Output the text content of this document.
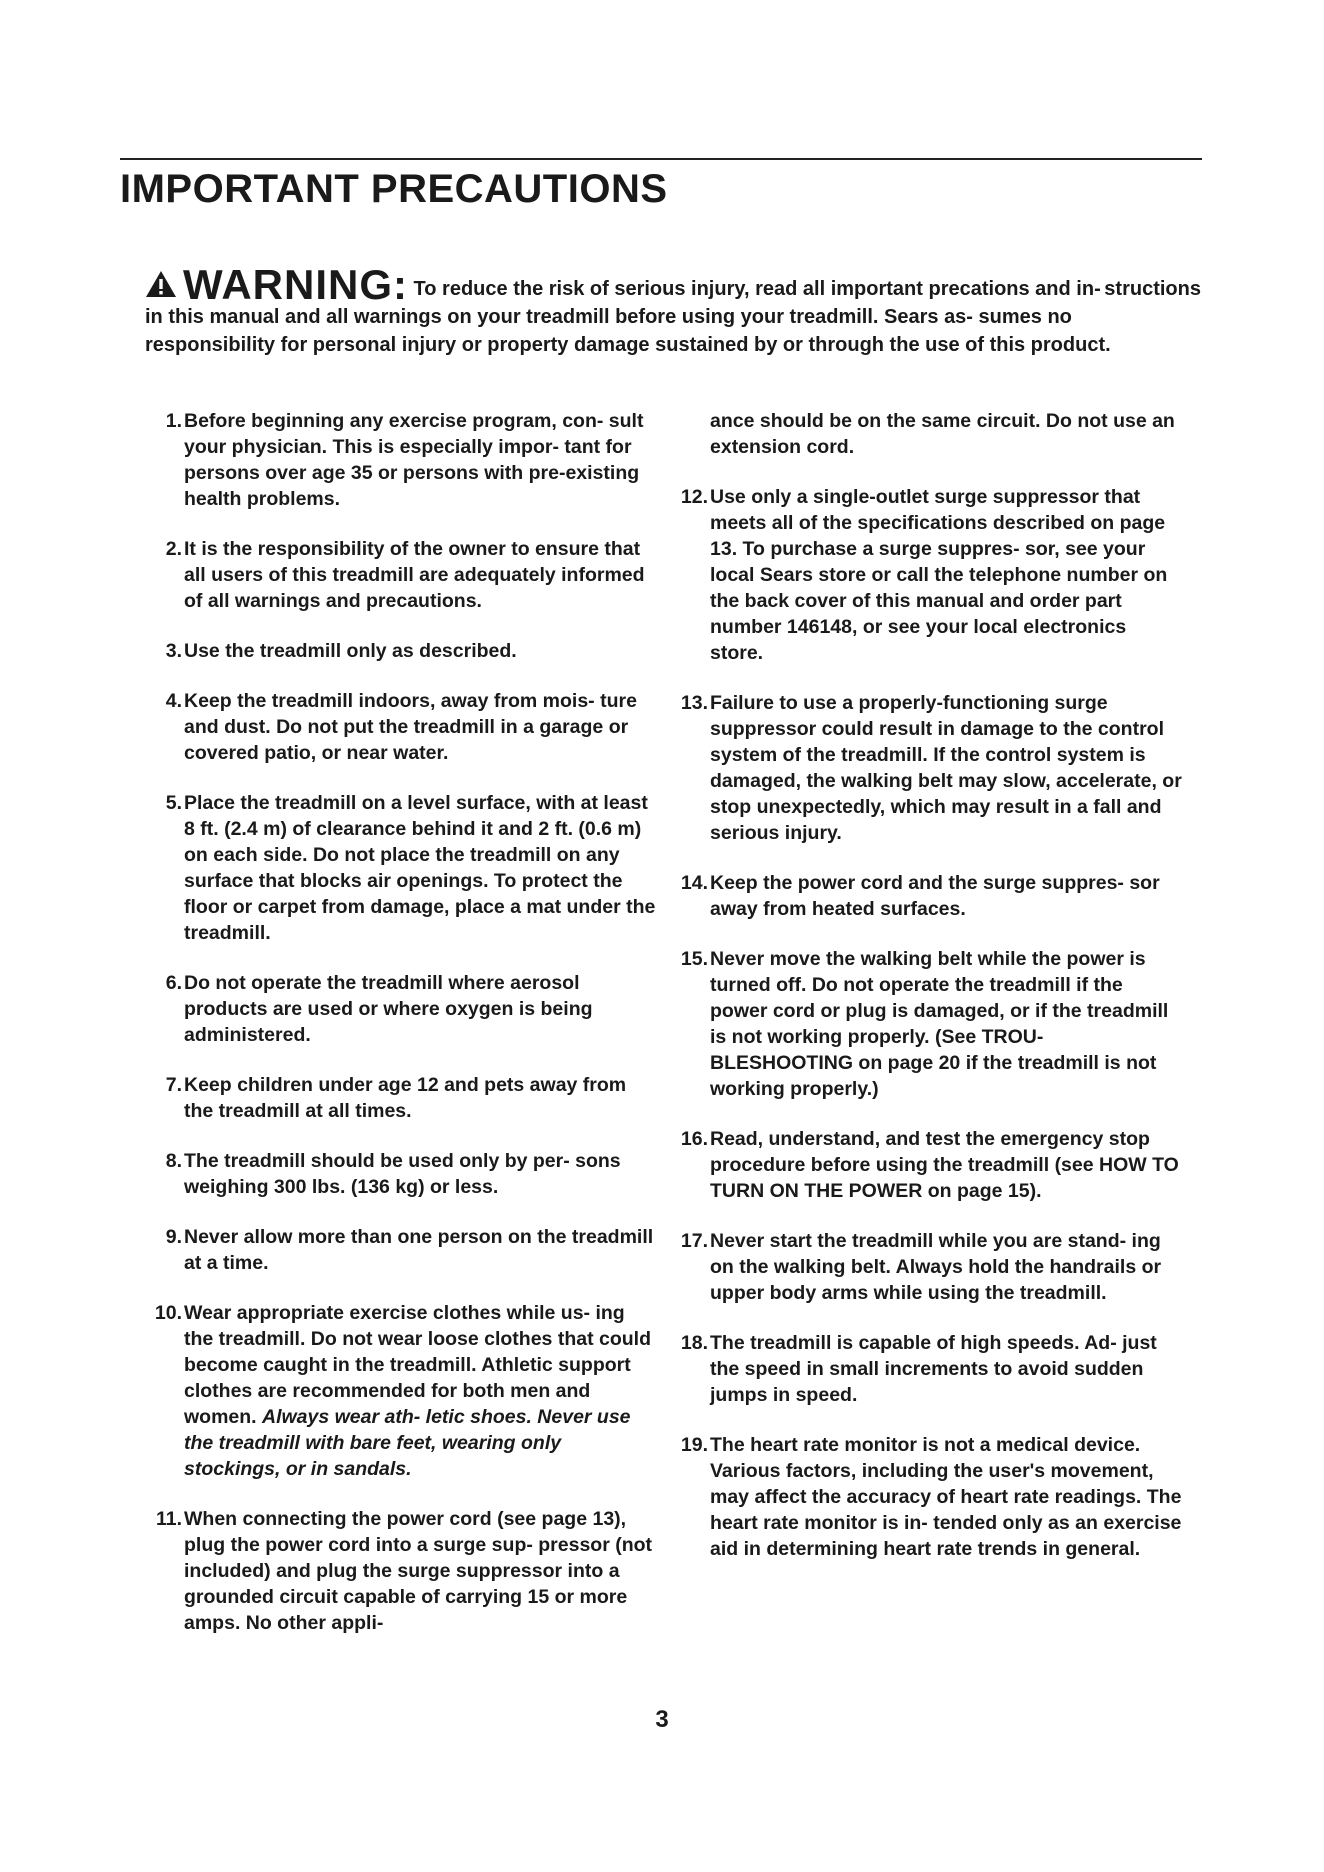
IMPORTANT PRECAUTIONS

WARNING: To reduce the risk of serious injury, read all important precations and in- structions in this manual and all warnings on your treadmill before using your treadmill. Sears as- sumes no responsibility for personal injury or property damage sustained by or through the use of this product.

1. Before beginning any exercise program, con- sult your physician. This is especially impor- tant for persons over age 35 or persons with pre-existing health problems.
2. It is the responsibility of the owner to ensure that all users of this treadmill are adequately informed of all warnings and precautions.
3. Use the treadmill only as described.
4. Keep the treadmill indoors, away from mois- ture and dust. Do not put the treadmill in a garage or covered patio, or near water.
5. Place the treadmill on a level surface, with at least 8 ft. (2.4 m) of clearance behind it and 2 ft. (0.6 m) on each side. Do not place the treadmill on any surface that blocks air openings. To protect the floor or carpet from damage, place a mat under the treadmill.
6. Do not operate the treadmill where aerosol products are used or where oxygen is being administered.
7. Keep children under age 12 and pets away from the treadmill at all times.
8. The treadmill should be used only by per- sons weighing 300 lbs. (136 kg) or less.
9. Never allow more than one person on the treadmill at a time.
10. Wear appropriate exercise clothes while us- ing the treadmill. Do not wear loose clothes that could become caught in the treadmill. Athletic support clothes are recommended for both men and women. Always wear ath- letic shoes. Never use the treadmill with bare feet, wearing only stockings, or in sandals.
11. When connecting the power cord (see page 13), plug the power cord into a surge sup- pressor (not included) and plug the surge suppressor into a grounded circuit capable of carrying 15 or more amps. No other appli-
ance should be on the same circuit. Do not use an extension cord.
12. Use only a single-outlet surge suppressor that meets all of the specifications described on page 13. To purchase a surge suppres- sor, see your local Sears store or call the telephone number on the back cover of this manual and order part number 146148, or see your local electronics store.
13. Failure to use a properly-functioning surge suppressor could result in damage to the control system of the treadmill. If the control system is damaged, the walking belt may slow, accelerate, or stop unexpectedly, which may result in a fall and serious injury.
14. Keep the power cord and the surge suppres- sor away from heated surfaces.
15. Never move the walking belt while the power is turned off. Do not operate the treadmill if the power cord or plug is damaged, or if the treadmill is not working properly. (See TROU- BLESHOOTING on page 20 if the treadmill is not working properly.)
16. Read, understand, and test the emergency stop procedure before using the treadmill (see HOW TO TURN ON THE POWER on page 15).
17. Never start the treadmill while you are stand- ing on the walking belt. Always hold the handrails or upper body arms while using the treadmill.
18. The treadmill is capable of high speeds. Ad- just the speed in small increments to avoid sudden jumps in speed.
19. The heart rate monitor is not a medical device. Various factors, including the user's movement, may affect the accuracy of heart rate readings. The heart rate monitor is in- tended only as an exercise aid in determining heart rate trends in general.
3
